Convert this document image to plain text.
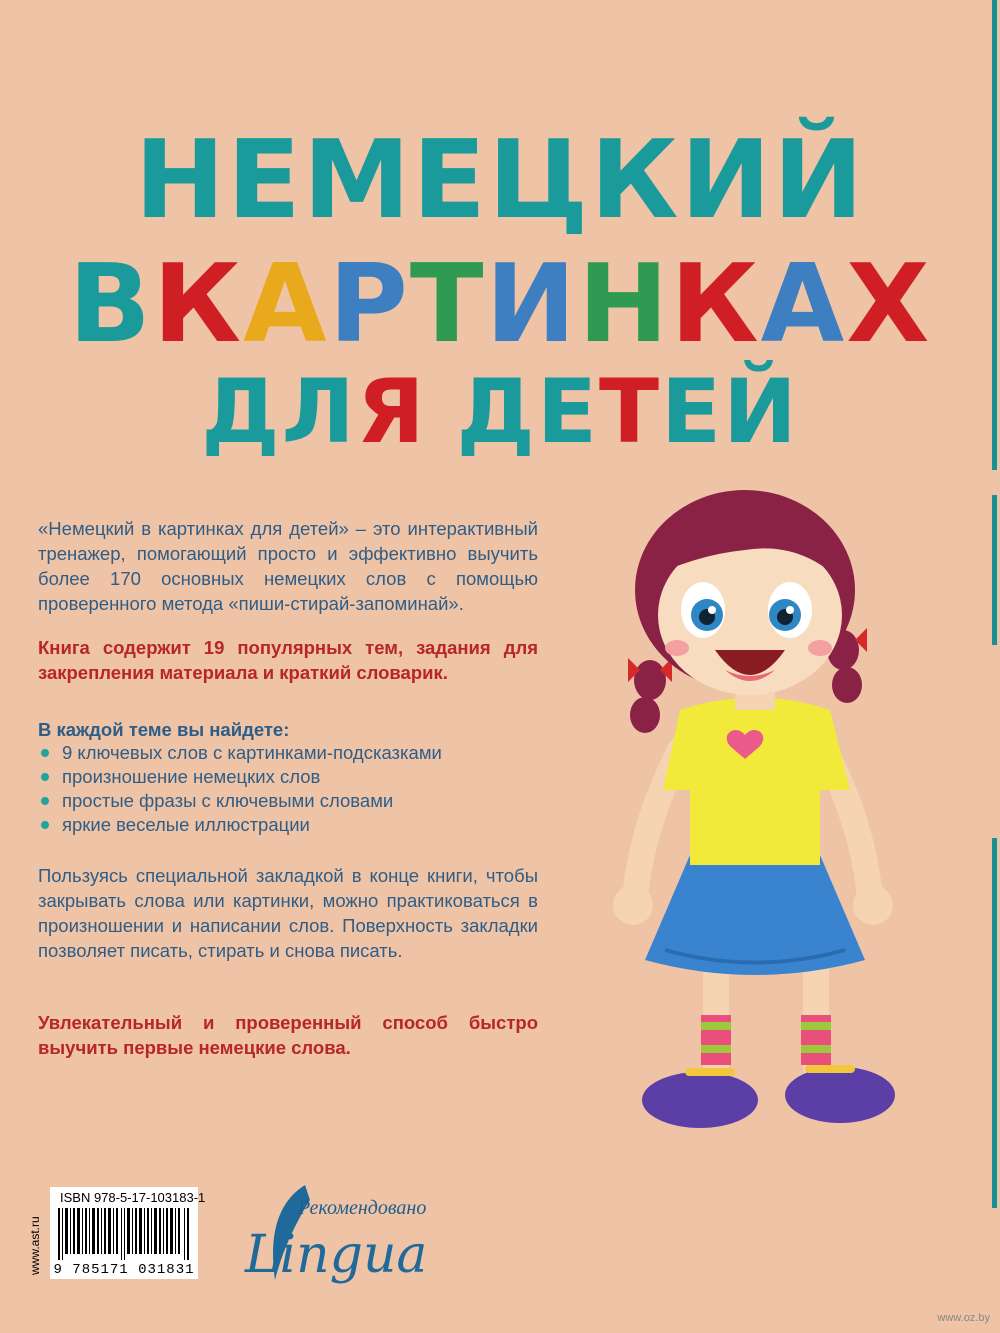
НЕМЕЦКИЙ
ВКАРТИНКАХ
ДЛЯ ДЕТЕЙ
«Немецкий в картинках для детей» – это интерактивный тренажер, помогающий просто и эффективно выучить более 170 основных немецких слов с помощью проверенного метода «пиши-стирай-запоминай».
Книга содержит 19 популярных тем, задания для закрепления материала и краткий словарик.
В каждой теме вы найдете:
9 ключевых слов с картинками-подсказками
произношение немецких слов
простые фразы с ключевыми словами
яркие веселые иллюстрации
Пользуясь специальной закладкой в конце книги, чтобы закрывать слова или картинки, можно практиковаться в произношении и написании слов. Поверхность закладки позволяет писать, стирать и снова писать.
Увлекательный и проверенный способ быстро выучить первые немецкие слова.
ISBN 978-5-17-103183-1
9 785171 031831
www.ast.ru
Рекомендовано
Lingua
www.oz.by
